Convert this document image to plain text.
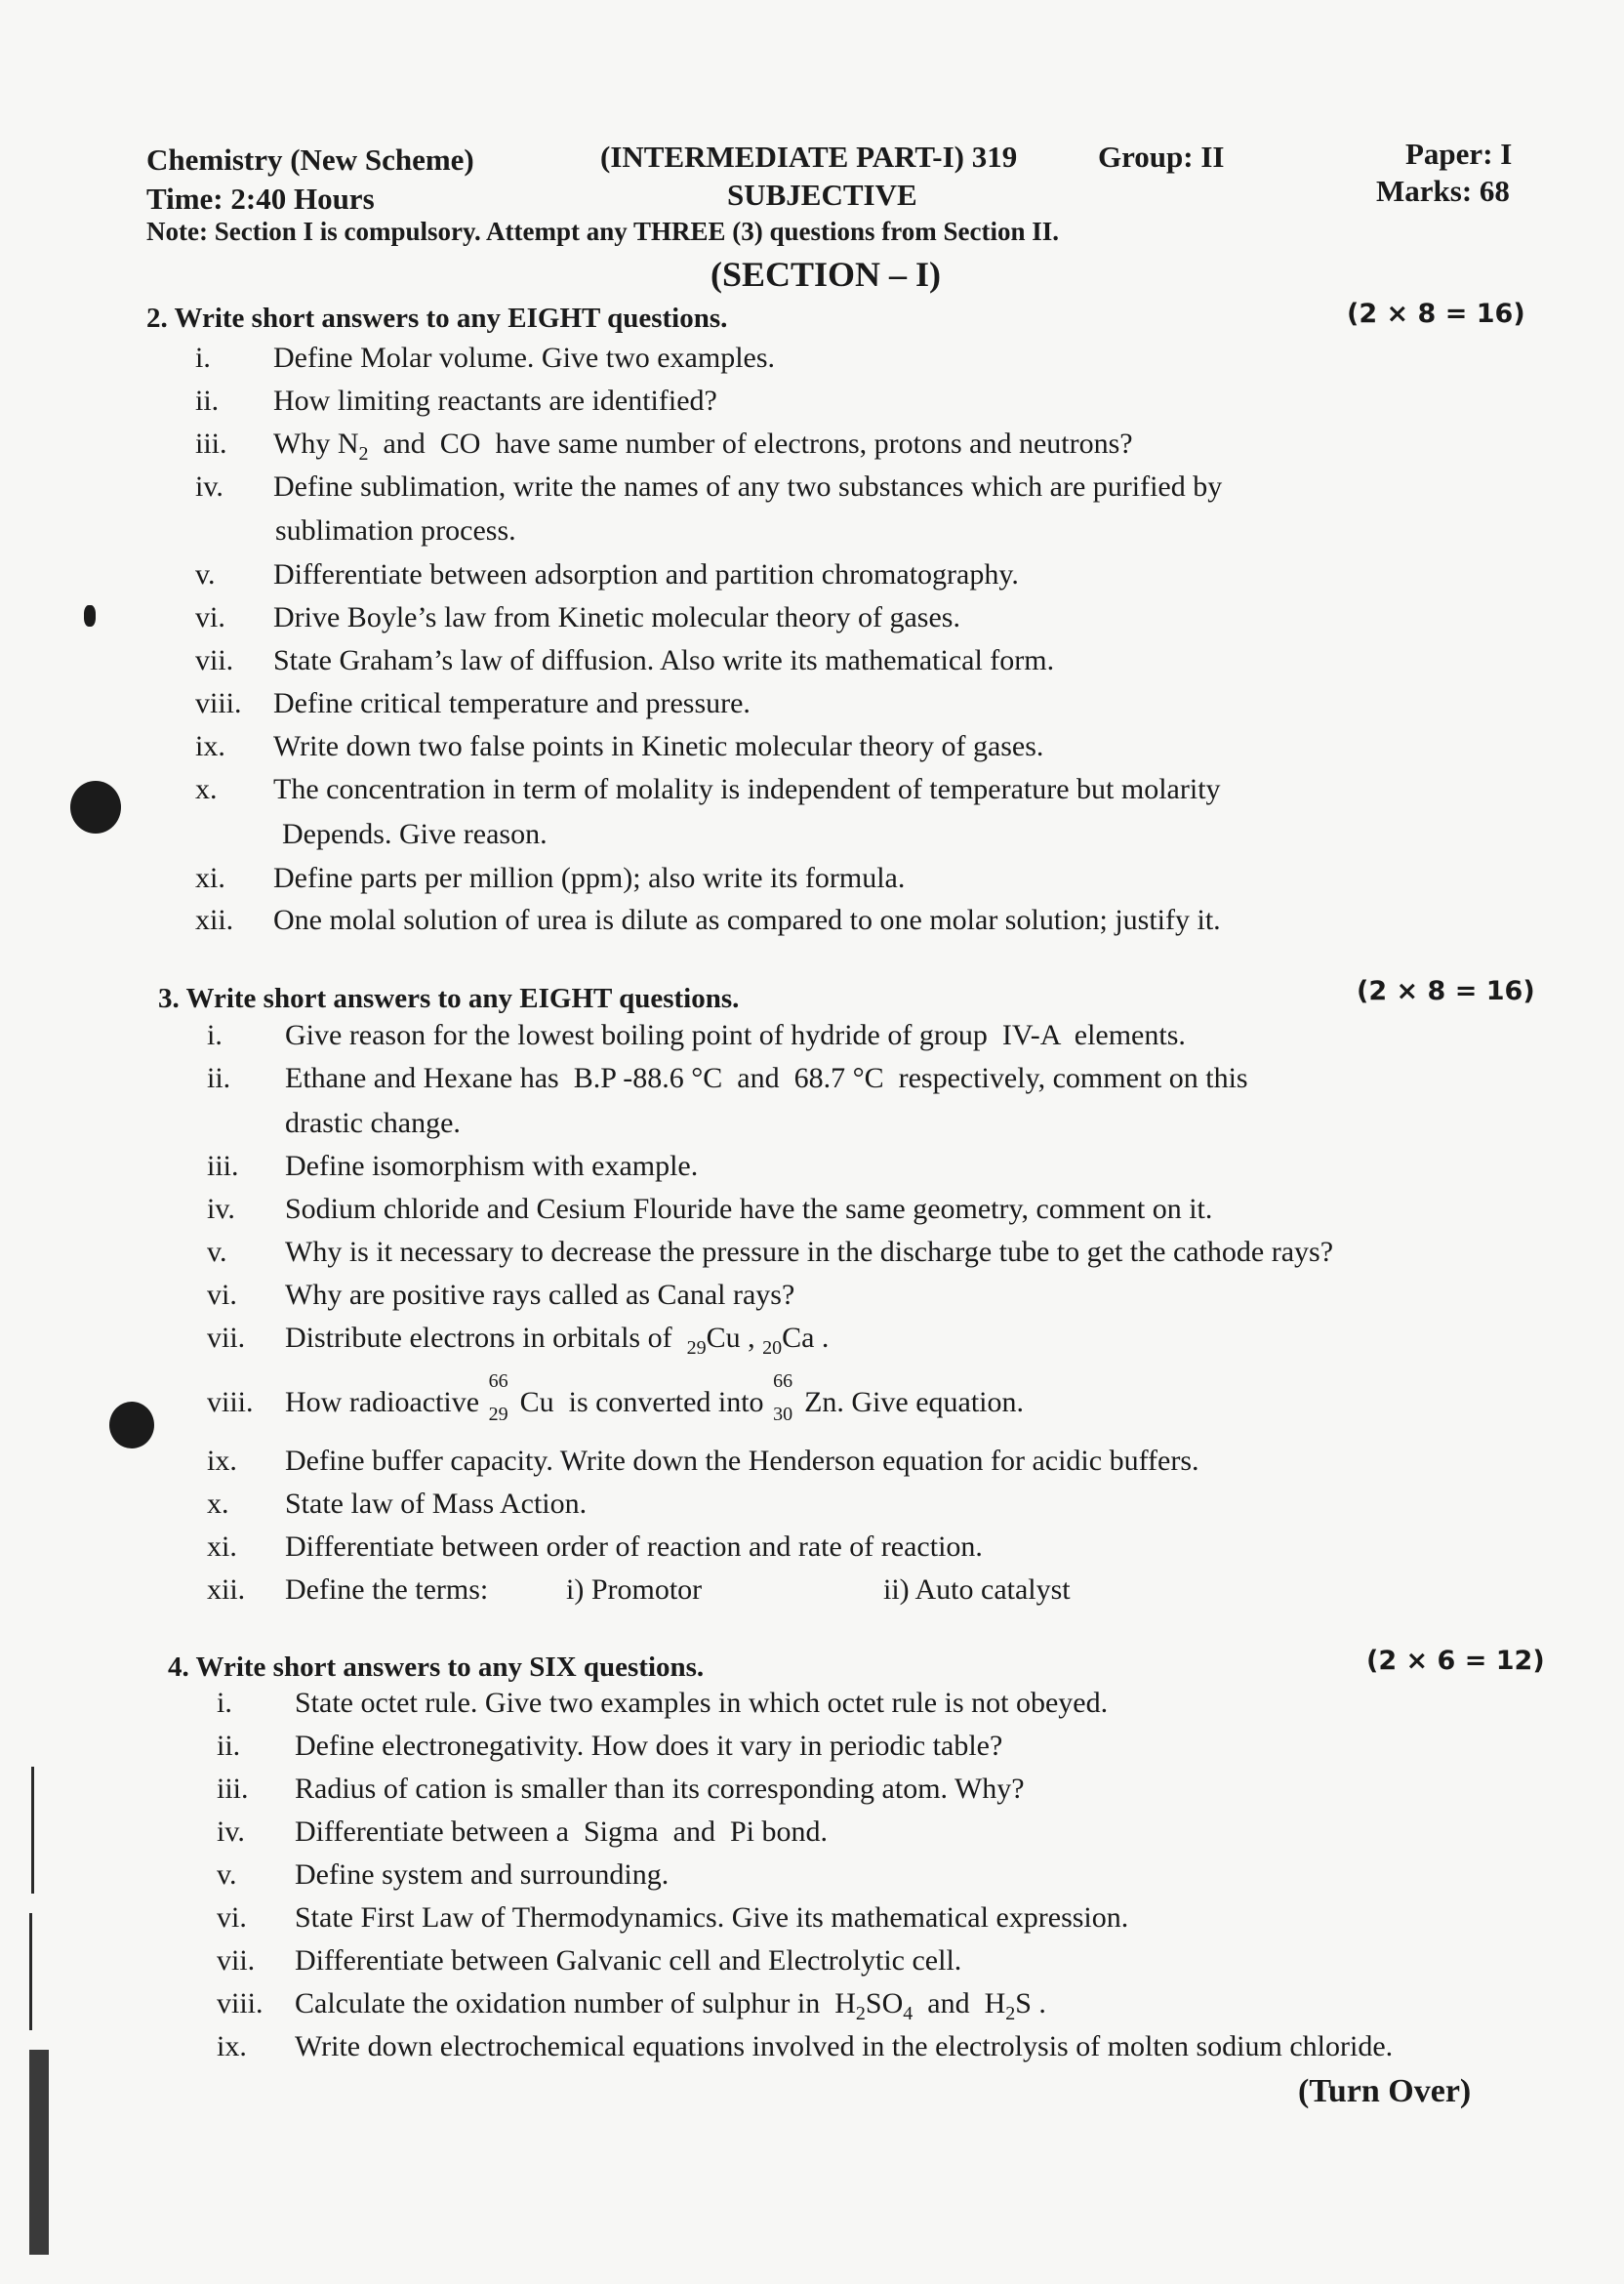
Chemistry (New Scheme)	(INTERMEDIATE PART-I) 319	Group: II	Paper: I
Time: 2:40 Hours	SUBJECTIVE	Marks: 68
Note: Section I is compulsory. Attempt any THREE (3) questions from Section II.
(SECTION – I)
2. Write short answers to any EIGHT questions.	(2 × 8 = 16)
i. Define Molar volume. Give two examples.
ii. How limiting reactants are identified?
iii. Why $N_2$  and  CO  have same number of electrons, protons and neutrons?
iv. Define sublimation, write the names of any two substances which are purified by
sublimation process.
v. Differentiate between adsorption and partition chromatography.
vi. Drive Boyle’s law from Kinetic molecular theory of gases.
vii. State Graham’s law of diffusion. Also write its mathematical form.
viii. Define critical temperature and pressure.
ix. Write down two false points in Kinetic molecular theory of gases.
x. The concentration in term of molality is independent of temperature but molarity
Depends. Give reason.
xi. Define parts per million (ppm); also write its formula.
xii. One molal solution of urea is dilute as compared to one molar solution; justify it.
3. Write short answers to any EIGHT questions.	(2 × 8 = 16)
i. Give reason for the lowest boiling point of hydride of group  IV-A  elements.
ii. Ethane and Hexane has  B.P -88.6 °C  and  68.7 °C  respectively, comment on this
drastic change.
iii. Define isomorphism with example.
iv. Sodium chloride and Cesium Flouride have the same geometry, comment on it.
v. Why is it necessary to decrease the pressure in the discharge tube to get the cathode rays?
vi. Why are positive rays called as Canal rays?
vii. Distribute electrons in orbitals of  $_{29}$Cu , $_{20}$Ca .
viii. How radioactive
66
29 Cu  is converted into
66
30 Zn. Give equation.
ix. Define buffer capacity. Write down the Henderson equation for acidic buffers.
x. State law of Mass Action.
xi. Differentiate between order of reaction and rate of reaction.
xii. Define the terms:	i) Promotor	ii) Auto catalyst
4. Write short answers to any SIX questions.	(2 × 6 = 12)
i. State octet rule. Give two examples in which octet rule is not obeyed.
ii. Define electronegativity. How does it vary in periodic table?
iii. Radius of cation is smaller than its corresponding atom. Why?
iv. Differentiate between a  Sigma  and  Pi bond.
v. Define system and surrounding.
vi. State First Law of Thermodynamics. Give its mathematical expression.
vii. Differentiate between Galvanic cell and Electrolytic cell.
viii. Calculate the oxidation number of sulphur in  $H_2SO_4$  and  $H_2S$ .
ix. Write down electrochemical equations involved in the electrolysis of molten sodium chloride.
(Turn Over)
